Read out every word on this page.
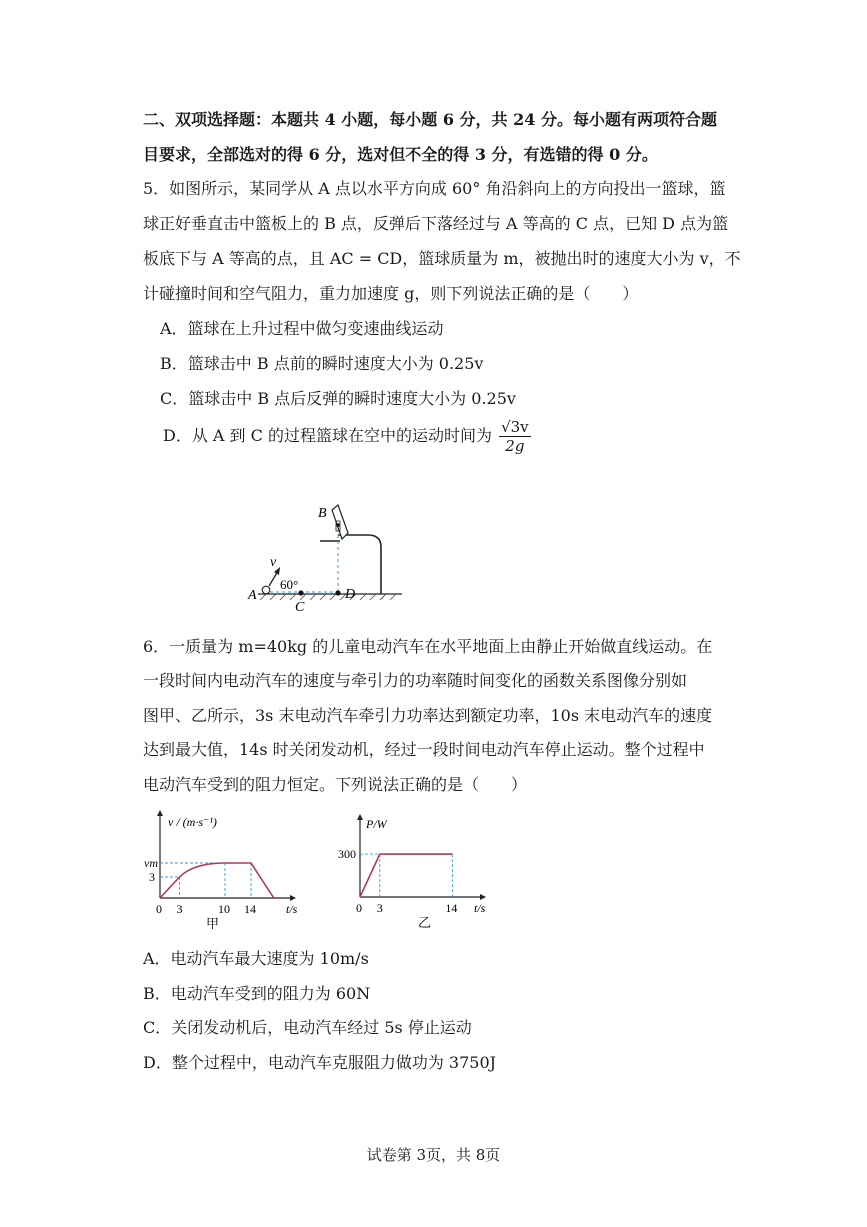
二、双项选择题：本题共 4 小题，每小题 6 分，共 24 分。每小题有两项符合题
目要求，全部选对的得 6 分，选对但不全的得 3 分，有选错的得 0 分。
5．如图所示，某同学从 A 点以水平方向成 60° 角沿斜向上的方向投出一篮球，篮
球正好垂直击中篮板上的 B 点，反弹后下落经过与 A 等高的 C 点，已知 D 点为篮
板底下与 A 等高的点，且 AC = CD，篮球质量为 m，被抛出时的速度大小为 v，不
计碰撞时间和空气阻力，重力加速度 g，则下列说法正确的是（　　）
A．篮球在上升过程中做匀变速曲线运动
B．篮球击中 B 点前的瞬时速度大小为 0.25v
C．篮球击中 B 点后反弹的瞬时速度大小为 0.25v
D．从 A 到 C 的过程篮球在空中的运动时间为 $\frac{√3v}{2g}$
B
v
60°
A
C
D
6．一质量为 m=40kg 的儿童电动汽车在水平地面上由静止开始做直线运动。在
一段时间内电动汽车的速度与牵引力的功率随时间变化的函数关系图像分别如
图甲、乙所示，3s 末电动汽车牵引力功率达到额定功率，10s 末电动汽车的速度
达到最大值，14s 时关闭发动机，经过一段时间电动汽车停止运动。整个过程中
电动汽车受到的阻力恒定。下列说法正确的是（　　）
v / (m·s⁻¹)
vm
3
0 3	10 14	t/s
甲
P/W
300
0 3	14 t/s
乙
A．电动汽车最大速度为 10m/s
B．电动汽车受到的阻力为 60N
C．关闭发动机后，电动汽车经过 5s 停止运动
D．整个过程中，电动汽车克服阻力做功为 3750J
试卷第 3页，共 8页
